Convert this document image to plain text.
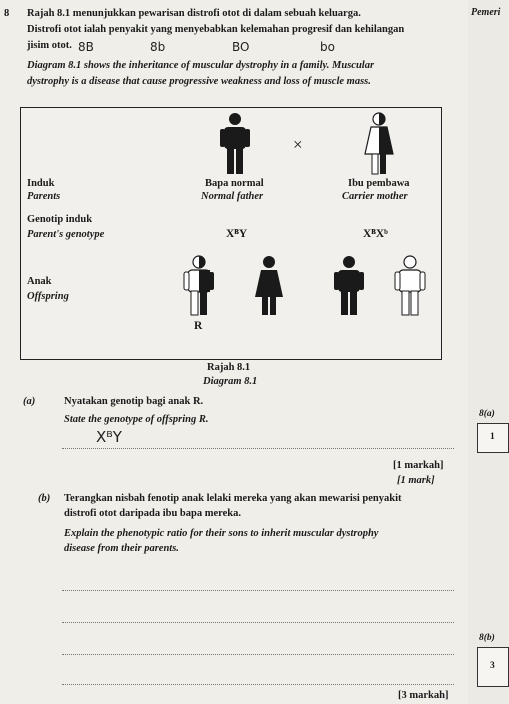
Pemeri
8 Rajah 8.1 menunjukkan pewarisan distrofi otot di dalam sebuah keluarga.
Distrofi otot ialah penyakit yang menyebabkan kelemahan progresif dan kehilangan
jisim otot. 8B	8b	BO	bo
Diagram 8.1 shows the inheritance of muscular dystrophy in a family. Muscular
dystrophy is a disease that cause progressive weakness and loss of muscle mass.
×
Induk
Parents
Bapa normal
Normal father
Ibu pembawa
Carrier mother
Genotip induk
Parent's genotype	XᴮY	XᴮXᵇ
Anak
Offspring
R
Rajah 8.1
Diagram 8.1
(a)	Nyatakan genotip bagi anak R.
State the genotype of offspring R.
XᴮY
[1 markah]
[1 mark]
8(a)
1
(b) Terangkan nisbah fenotip anak lelaki mereka yang akan mewarisi penyakit
distrofi otot daripada ibu bapa mereka.
Explain the phenotypic ratio for their sons to inherit muscular dystrophy
disease from their parents.
[3 markah]
8(b)
3
